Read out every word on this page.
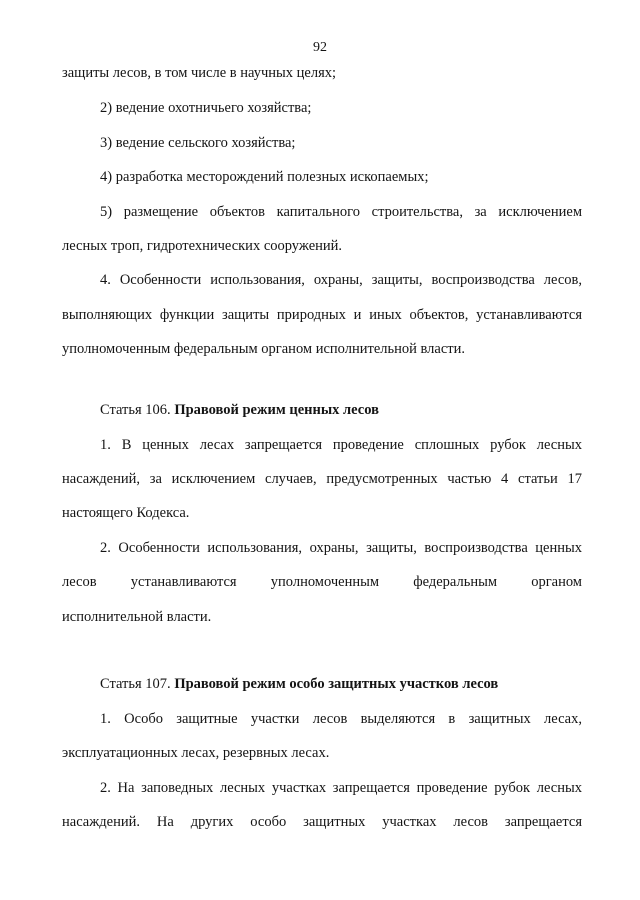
92
защиты лесов, в том числе в научных целях;
2) ведение охотничьего хозяйства;
3) ведение сельского хозяйства;
4) разработка месторождений полезных ископаемых;
5) размещение объектов капитального строительства, за исключением
лесных троп, гидротехнических сооружений.
4. Особенности использования, охраны, защиты, воспроизводства лесов,
выполняющих функции защиты природных и иных объектов, устанавливаются
уполномоченным федеральным органом исполнительной власти.
Статья 106. Правовой режим ценных лесов
1. В ценных лесах запрещается проведение сплошных рубок лесных
насаждений, за исключением случаев, предусмотренных частью 4 статьи 17
настоящего Кодекса.
2. Особенности использования, охраны, защиты, воспроизводства ценных
лесов устанавливаются уполномоченным федеральным органом
исполнительной власти.
Статья 107. Правовой режим особо защитных участков лесов
1. Особо защитные участки лесов выделяются в защитных лесах,
эксплуатационных лесах, резервных лесах.
2. На заповедных лесных участках запрещается проведение рубок лесных
насаждений. На других особо защитных участках лесов запрещается
